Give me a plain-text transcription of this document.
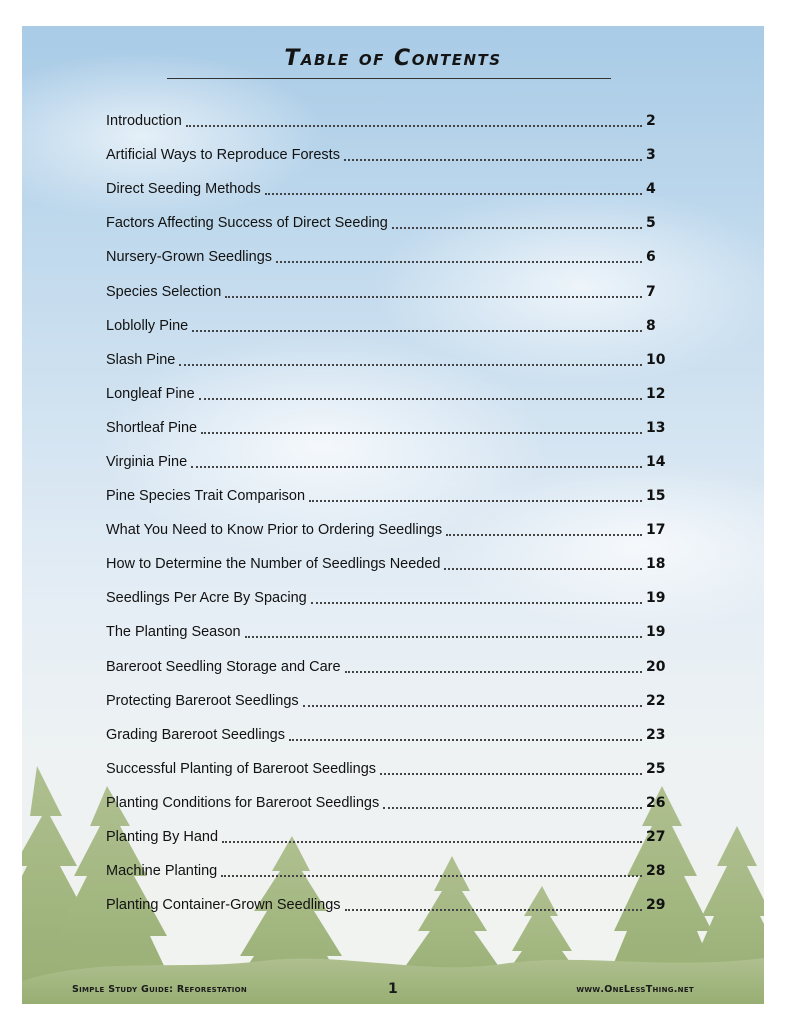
Table of Contents
Introduction	2
Artificial Ways to Reproduce Forests	3
Direct Seeding Methods	4
Factors Affecting Success of Direct Seeding	5
Nursery-Grown Seedlings	6
Species Selection	7
Loblolly Pine	8
Slash Pine	10
Longleaf Pine	12
Shortleaf Pine	13
Virginia Pine	14
Pine Species Trait Comparison	15
What You Need to Know Prior to Ordering Seedlings	17
How to Determine the Number of Seedlings Needed	18
Seedlings Per Acre By Spacing	19
The Planting Season	19
Bareroot Seedling Storage and Care	20
Protecting Bareroot Seedlings	22
Grading Bareroot Seedlings	23
Successful Planting of Bareroot Seedlings	25
Planting Conditions for Bareroot Seedlings	26
Planting By Hand	27
Machine Planting	28
Planting Container-Grown Seedlings	29
Simple Study Guide: Reforestation	1	www.OneLessThing.net
